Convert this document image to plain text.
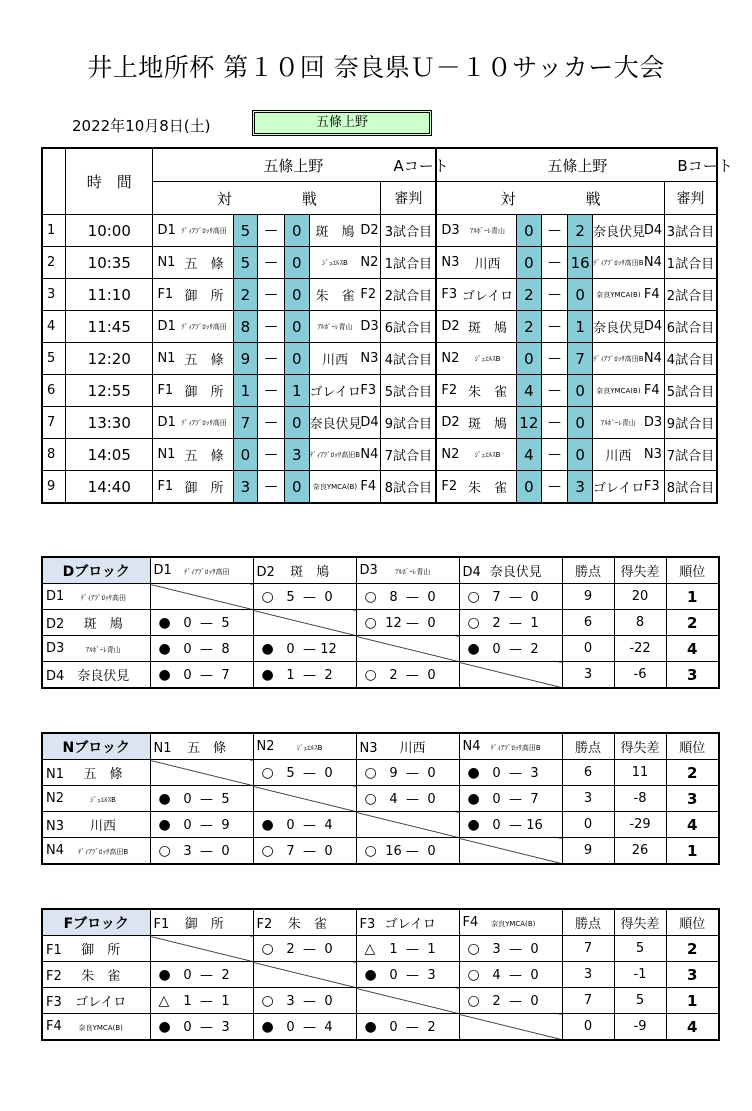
井上地所杯 第１０回 奈良県Ｕ－１０サッカー大会
2022年10月8日(土)	五條上野
	時　間	五條上野 Aコート								五條上野 Bコート							
		対 戦							審判	対 戦							審判
1	10:00	D1	ﾃﾞｨｱﾌﾞﾛｯｻ高田	5	—	0	斑　鳩	D2	3試合目	D3	ｱﾙﾎﾞｰﾚ青山	0	—	2	奈良伏見	D4	3試合目
2	10:35	N1	五　條	5	—	0	ｼﾞｭｴﾙｽB	N2	1試合目	N3	川西	0	—	16	ﾃﾞｨｱﾌﾞﾛｯｻ高田B	N4	1試合目
3	11:10	F1	御　所	2	—	0	朱　雀	F2	2試合目	F3	ゴレイロ	2	—	0	奈良YMCA(B)	F4	2試合目
4	11:45	D1	ﾃﾞｨｱﾌﾞﾛｯｻ高田	8	—	0	ｱﾙﾎﾞｰﾚ青山	D3	6試合目	D2	斑　鳩	2	—	1	奈良伏見	D4	6試合目
5	12:20	N1	五　條	9	—	0	川西	N3	4試合目	N2	ｼﾞｭｴﾙｽB	0	—	7	ﾃﾞｨｱﾌﾞﾛｯｻ高田B	N4	4試合目
6	12:55	F1	御　所	1	—	1	ゴレイロ	F3	5試合目	F2	朱　雀	4	—	0	奈良YMCA(B)	F4	5試合目
7	13:30	D1	ﾃﾞｨｱﾌﾞﾛｯｻ高田	7	—	0	奈良伏見	D4	9試合目	D2	斑　鳩	12	—	0	ｱﾙﾎﾞｰﾚ青山	D3	9試合目
8	14:05	N1	五　條	0	—	3	ﾃﾞｨｱﾌﾞﾛｯｻ高田B	N4	7試合目	N2	ｼﾞｭｴﾙｽB	4	—	0	川西	N3	7試合目
9	14:40	F1	御　所	3	—	0	奈良YMCA(B)	F4	8試合目	F2	朱　雀	0	—	3	ゴレイロ	F3	8試合目
Dブロック	D1 ﾃﾞｨｱﾌﾞﾛｯｻ高田	D2 斑　鳩	D3 ｱﾙﾎﾞｰﾚ青山	D4 奈良伏見	勝点	得失差	順位
D1 ﾃﾞｨｱﾌﾞﾛｯｻ高田		○ 5 — 0	○ 8 — 0	○ 7 — 0	9	20	1
D2 斑　鳩	● 0 — 5		○ 12 — 0	○ 2 — 1	6	8	2
D3 ｱﾙﾎﾞｰﾚ青山	● 0 — 8	● 0 — 12		● 0 — 2	0	-22	4
D4 奈良伏見	● 0 — 7	● 1 — 2	○ 2 — 0		3	-6	3
Nブロック	N1 五　條	N2 ｼﾞｭｴﾙｽB	N3 川西	N4 ﾃﾞｨｱﾌﾞﾛｯｻ高田B	勝点	得失差	順位
N1 五　條		○ 5 — 0	○ 9 — 0	● 0 — 3	6	11	2
N2 ｼﾞｭｴﾙｽB	● 0 — 5		○ 4 — 0	● 0 — 7	3	-8	3
N3 川西	● 0 — 9	● 0 — 4		● 0 — 16	0	-29	4
N4 ﾃﾞｨｱﾌﾞﾛｯｻ高田B	○ 3 — 0	○ 7 — 0	○ 16 — 0		9	26	1
Fブロック	F1 御　所	F2 朱　雀	F3 ゴレイロ	F4 奈良YMCA(B)	勝点	得失差	順位
F1 御　所		○ 2 — 0	△ 1 — 1	○ 3 — 0	7	5	2
F2 朱　雀	● 0 — 2		● 0 — 3	○ 4 — 0	3	-1	3
F3 ゴレイロ	△ 1 — 1	○ 3 — 0		○ 2 — 0	7	5	1
F4 奈良YMCA(B)	● 0 — 3	● 0 — 4	● 0 — 2		0	-9	4
